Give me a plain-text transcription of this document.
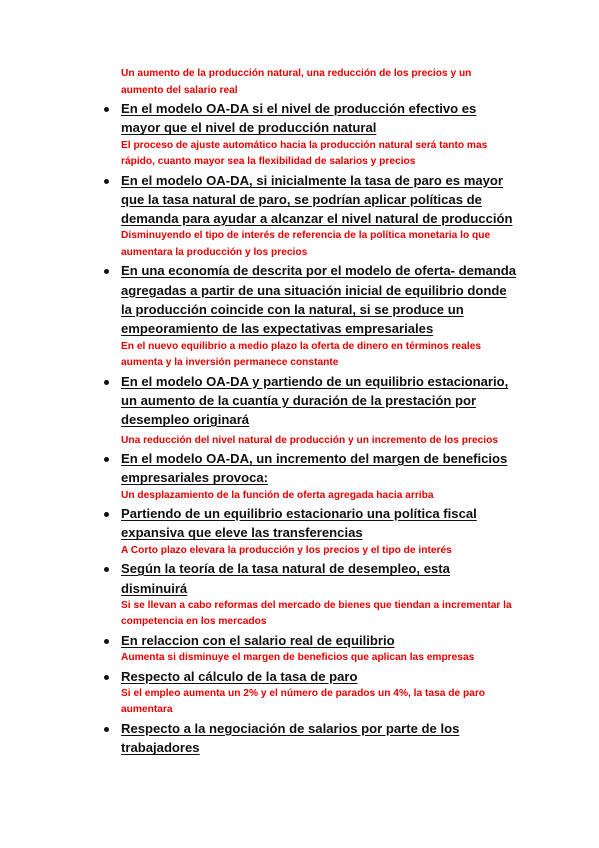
Un aumento de la producción natural, una reducción de los precios y un aumento del salario real

En el modelo OA-DA si el nivel de producción efectivo es mayor que el nivel de producción natural

El proceso de ajuste automático hacia la producción natural será tanto mas rápido, cuanto mayor sea la flexibilidad de salarios y precios

En el modelo OA-DA, si inicialmente la tasa de paro es mayor que la tasa natural de paro, se podrían aplicar políticas de demanda para ayudar a alcanzar el nivel natural de producción

Disminuyendo el tipo de interés de referencia de la política monetaria lo que aumentara la producción y los precios

En una economía de descrita por el modelo de oferta- demanda agregadas a partir de una situación inicial de equilibrio donde la producción coincide con la natural, si se produce un empeoramiento de las expectativas empresariales

En el nuevo equilibrio a medio plazo la oferta de dinero en términos reales aumenta y la inversión permanece constante

En el modelo OA-DA y partiendo de un equilibrio estacionario, un aumento de la cuantía y duración de la prestación por desempleo originará

Una reducción del nivel natural de producción y un incremento de los precios

En el modelo OA-DA, un incremento del margen de beneficios empresariales provoca:

Un desplazamiento de la función de oferta agregada hacia arriba

Partiendo de un equilibrio estacionario una política fiscal expansiva que eleve las transferencias

A Corto plazo elevara la producción y los precios y el tipo de interés

Según la teoría de la tasa natural de desempleo, esta disminuirá

Si se llevan a cabo reformas del mercado de bienes que tiendan a incrementar la competencia en los mercados

En relaccion con el salario real de equilibrio

Aumenta si disminuye el margen de beneficios que aplican las empresas

Respecto al cálculo de la tasa de paro

Si el empleo aumenta un 2% y el número de parados un 4%, la tasa de paro aumentara

Respecto a la negociación de salarios por parte de los trabajadores
